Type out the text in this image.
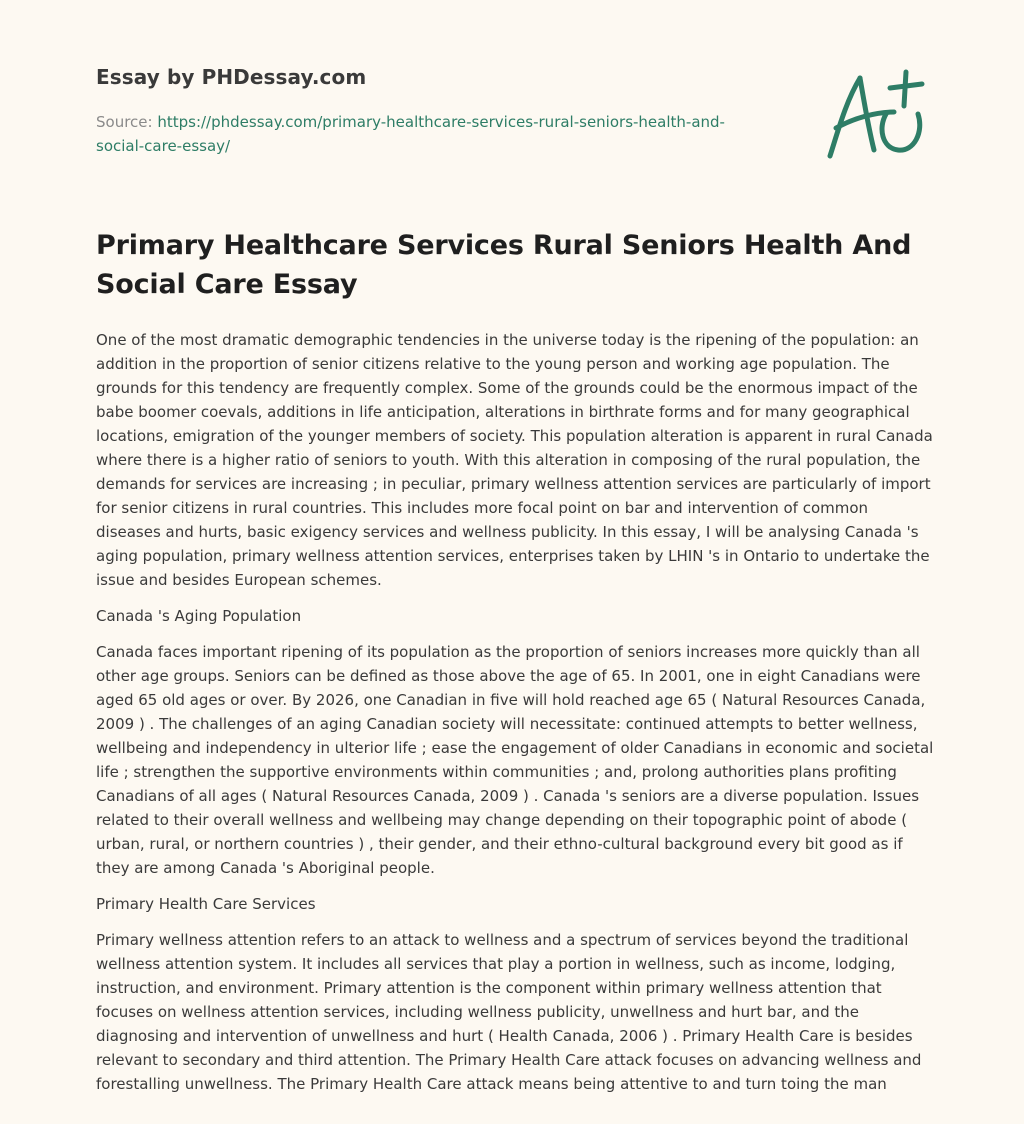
Essay by PHDessay.com
Source: https://phdessay.com/primary-healthcare-services-rural-seniors-health-and-
social-care-essay/
Primary Healthcare Services Rural Seniors Health And Social Care Essay

One of the most dramatic demographic tendencies in the universe today is the ripening of the population: an addition in the proportion of senior citizens relative to the young person and working age population. The grounds for this tendency are frequently complex. Some of the grounds could be the enormous impact of the babe boomer coevals, additions in life anticipation, alterations in birthrate forms and for many geographical locations, emigration of the younger members of society. This population alteration is apparent in rural Canada where there is a higher ratio of seniors to youth. With this alteration in composing of the rural population, the demands for services are increasing ; in peculiar, primary wellness attention services are particularly of import for senior citizens in rural countries. This includes more focal point on bar and intervention of common diseases and hurts, basic exigency services and wellness publicity. In this essay, I will be analysing Canada 's aging population, primary wellness attention services, enterprises taken by LHIN 's in Ontario to undertake the issue and besides European schemes.

Canada 's Aging Population

Canada faces important ripening of its population as the proportion of seniors increases more quickly than all other age groups. Seniors can be defined as those above the age of 65. In 2001, one in eight Canadians were aged 65 old ages or over. By 2026, one Canadian in five will hold reached age 65 ( Natural Resources Canada, 2009 ) . The challenges of an aging Canadian society will necessitate: continued attempts to better wellness, wellbeing and independency in ulterior life ; ease the engagement of older Canadians in economic and societal life ; strengthen the supportive environments within communities ; and, prolong authorities plans profiting Canadians of all ages ( Natural Resources Canada, 2009 ) . Canada 's seniors are a diverse population. Issues related to their overall wellness and wellbeing may change depending on their topographic point of abode ( urban, rural, or northern countries ) , their gender, and their ethno-cultural background every bit good as if they are among Canada 's Aboriginal people.

Primary Health Care Services

Primary wellness attention refers to an attack to wellness and a spectrum of services beyond the traditional wellness attention system. It includes all services that play a portion in wellness, such as income, lodging, instruction, and environment. Primary attention is the component within primary wellness attention that focuses on wellness attention services, including wellness publicity, unwellness and hurt bar, and the diagnosing and intervention of unwellness and hurt ( Health Canada, 2006 ) . Primary Health Care is besides relevant to secondary and third attention. The Primary Health Care attack focuses on advancing wellness and forestalling unwellness. The Primary Health Care attack means being attentive to and turn toing the man
